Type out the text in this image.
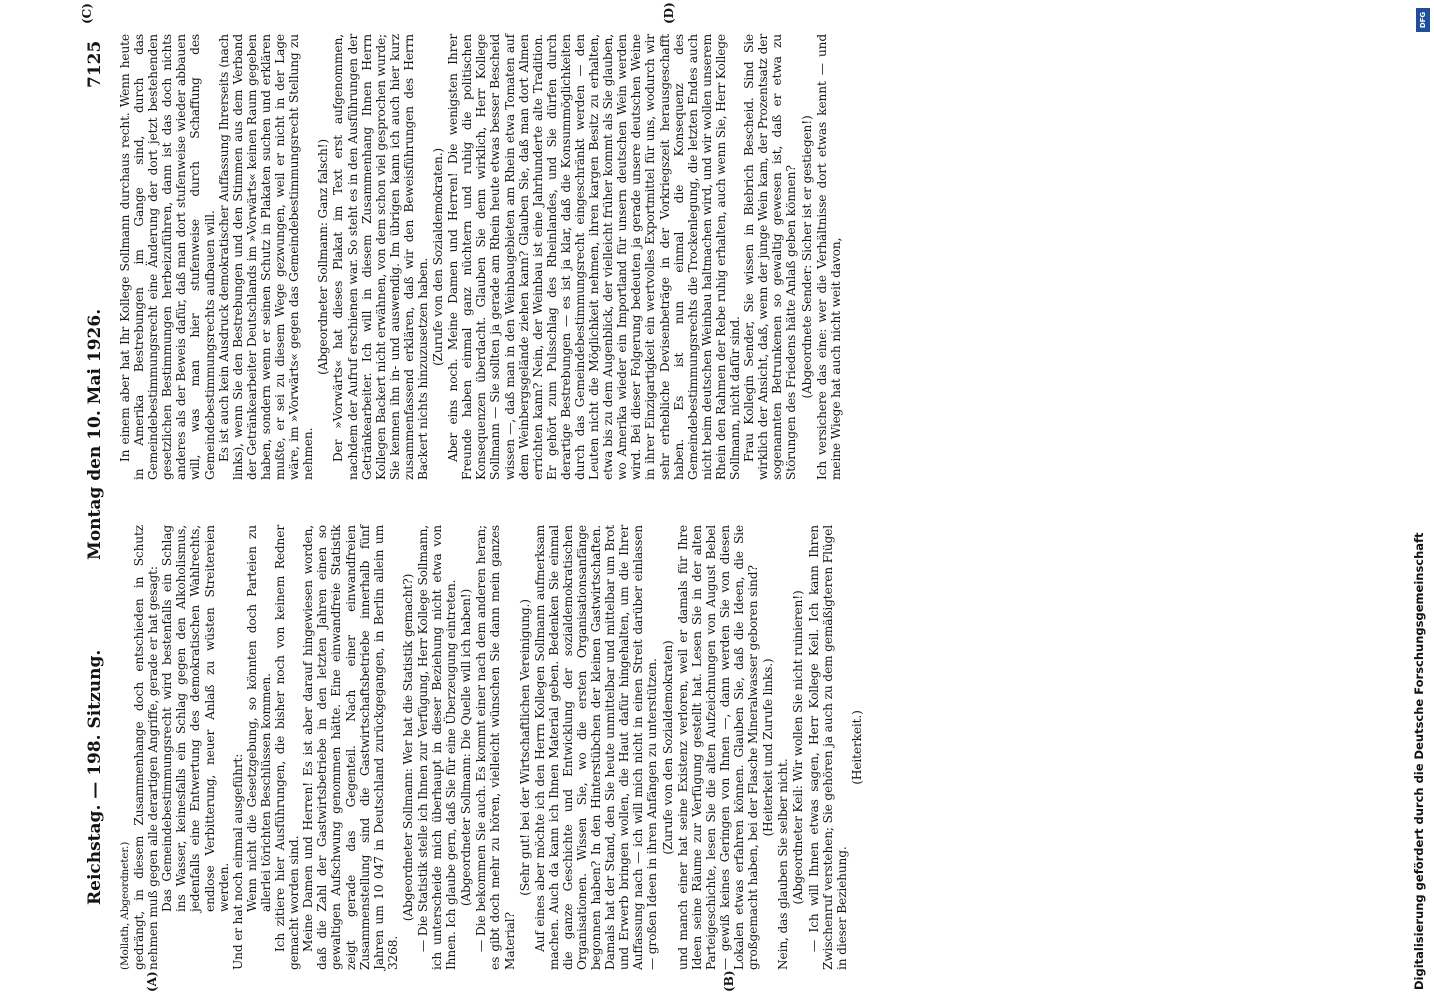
DFG
Digitalisierung gefördert durch die Deutsche Forschungsgemeinschaft
Reichstag. — 198. Sitzung.
Montag den 10. Mai 1926.
7125
(A)	(B)
(C)	(D)

(Mollath, Abgeordneter.) gedrängt, in diesem Zusammenhange doch entschieden in Schutz nehmen muß gegen alle derartigen Angriffe, gerade er hat gesagt: Das Gemeindebestimmungsrecht wird bestenfalls ein Schlag ins Wasser, keinesfalls ein Schlag gegen den Alkoholismus, jedenfalls eine Entwertung des demokratischen Wahlrechts, endlose Verbitterung, neuer Anlaß zu wüsten Streitereien werden. Und er hat noch einmal ausgeführt: Wenn nicht die Gesetzgebung, so könnten doch Parteien zu allerlei törichten Beschlüssen kommen. Ich zitiere hier Ausführungen, die bisher noch von keinem Redner gemacht worden sind. Meine Damen und Herren! Es ist aber darauf hingewiesen worden, daß die Zahl der Gastwirtsbetriebe in den letzten Jahren einen so gewaltigen Aufschwung genommen hätte. Eine einwandfreie Statistik zeigt gerade das Gegenteil. Nach einer einwandfreien Zusammenstellung sind die Gastwirtschaftsbetriebe innerhalb fünf Jahren um 10 047 in Deutschland zurückgegangen, in Berlin allein um 3268.

(Abgeordneter Sollmann: Wer hat die Statistik gemacht?) — Die Statistik stelle ich Ihnen zur Verfügung, Herr Kollege Sollmann, ich unterscheide mich überhaupt in dieser Beziehung nicht etwa von Ihnen. Ich glaube gern, daß Sie für eine Überzeugung eintreten. (Abgeordneter Sollmann: Die Quelle will ich haben!) — Die bekommen Sie auch. Es kommt einer nach dem anderen heran; es gibt doch mehr zu hören, vielleicht wünschen Sie dann mein ganzes Material?

(Sehr gut! bei der Wirtschaftlichen Vereinigung.) Auf eines aber möchte ich den Herrn Kollegen Sollmann aufmerksam machen. Auch da kann ich Ihnen Material geben. Bedenken Sie einmal die ganze Geschichte und Entwicklung der sozialdemokratischen Organisationen. Wissen Sie, wo die ersten Organisationsanfänge begonnen haben? In den Hinterstübchen der kleinen Gastwirtschaften. Damals hat der Stand, den Sie heute unmittelbar und mittelbar um Brot und Erwerb bringen wollen, die Haut dafür hingehalten, um die Ihrer Auffassung nach — ich will mich nicht in einen Streit darüber einlassen — großen Ideen in ihren Anfängen zu unterstützen. (Zurufe von den Sozialdemokraten) und manch einer hat seine Existenz verloren, weil er damals für Ihre Ideen seine Räume zur Verfügung gestellt hat. Lesen Sie in der alten Parteigeschichte, lesen Sie die alten Aufzeichnungen von August Bebel — gewiß keines Geringen von Ihnen —, dann werden Sie von diesen Lokalen etwas erfahren können. Glauben Sie, daß die Ideen, die Sie großgemacht haben, bei der Flasche Mineralwasser geboren sind? (Heiterkeit und Zurufe links.)

Nein, das glauben Sie selber nicht. (Abgeordneter Keil: Wir wollen Sie nicht ruinieren!) — Ich will Ihnen etwas sagen, Herr Kollege Keil. Ich kann Ihren Zwischenruf verstehen; Sie gehören ja auch zu dem gemäßigteren Flügel in dieser Beziehung.

(Heiterkeit.)

In einem aber hat Ihr Kollege Sollmann durchaus recht. Wenn heute in Amerika Bestrebungen im Gange sind, durch das Gemeindebestimmungsrecht eine Änderung der dort jetzt bestehenden gesetzlichen Bestimmungen herbeizuführen, dann ist das doch nichts anderes als der Beweis dafür, daß man dort stufenweise wieder abbauen will, was man hier stufenweise durch Schaffung des Gemeindebestimmungsrechts aufbauen will. Es ist auch kein Ausdruck demokratischer Auffassung Ihrerseits (nach links), wenn Sie den Bestrebungen und den Stimmen aus dem Verband der Getränkearbeiter Deutschlands im »Vorwärts« keinen Raum gegeben haben, sondern wenn er seinen Schutz in Plakaten suchen und erklären mußte, er sei zu diesem Wege gezwungen, weil er nicht in der Lage wäre, im »Vorwärts« gegen das Gemeindebestimmungsrecht Stellung zu nehmen.

(Abgeordneter Sollmann: Ganz falsch!) Der »Vorwärts« hat dieses Plakat im Text erst aufgenommen, nachdem der Aufruf erschienen war. So steht es in den Ausführungen der Getränkearbeiter. Ich will in diesem Zusammenhang Ihnen Herrn Kollegen Backert nicht erwähnen, von dem schon viel gesprochen wurde; Sie kennen ihn in- und auswendig. Im übrigen kann ich auch hier kurz zusammenfassend erklären, daß wir den Beweisführungen des Herrn Backert nichts hinzuzusetzen haben.

(Zurufe von den Sozialdemokraten.) Aber eins noch. Meine Damen und Herren! Die wenigsten Ihrer Freunde haben einmal ganz nüchtern und ruhig die politischen Konsequenzen überdacht. Glauben Sie denn wirklich, Herr Kollege Sollmann — Sie sollten ja gerade am Rhein heute etwas besser Bescheid wissen —, daß man in den Weinbaugebieten am Rhein etwa Tomaten auf dem Weinbergsgelände ziehen kann? Glauben Sie, daß man dort Almen errichten kann? Nein, der Weinbau ist eine Jahrhunderte alte Tradition. Er gehört zum Pulsschlag des Rheinlandes, und Sie dürfen durch derartige Bestrebungen — es ist ja klar, daß die Konsummöglichkeiten durch das Gemeindebestimmungsrecht eingeschränkt werden — den Leuten nicht die Möglichkeit nehmen, ihren kargen Besitz zu erhalten, etwa bis zu dem Augenblick, der vielleicht früher kommt als Sie glauben, wo Amerika wieder ein Importland für unsern deutschen Wein werden wird. Bei dieser Folgerung bedeuten ja gerade unsere deutschen Weine in ihrer Einzigartigkeit ein wertvolles Exportmittel für uns, wodurch wir sehr erhebliche Devisenbeträge in der Vorkriegszeit herausgeschafft haben. Es ist nun einmal die Konsequenz des Gemeindebestimmungsrechts die Trockenlegung, die letzten Endes auch nicht beim deutschen Weinbau haltmachen wird, und wir wollen unserem Rhein den Rahmen der Rebe ruhig erhalten, auch wenn Sie, Herr Kollege Sollmann, nicht dafür sind. Frau Kollegin Sender, Sie wissen in Biebrich Bescheid. Sind Sie wirklich der Ansicht, daß, wenn der junge Wein kam, der Prozentsatz der sogenannten Betrunkenen so gewaltig gewesen ist, daß er etwa zu Störungen des Friedens hätte Anlaß geben können? (Abgeordnete Sender: Sicher ist er gestiegen!) Ich versichere das eine: wer die Verhältnisse dort etwas kennt — und meine Wiege hat auch nicht weit davon,
